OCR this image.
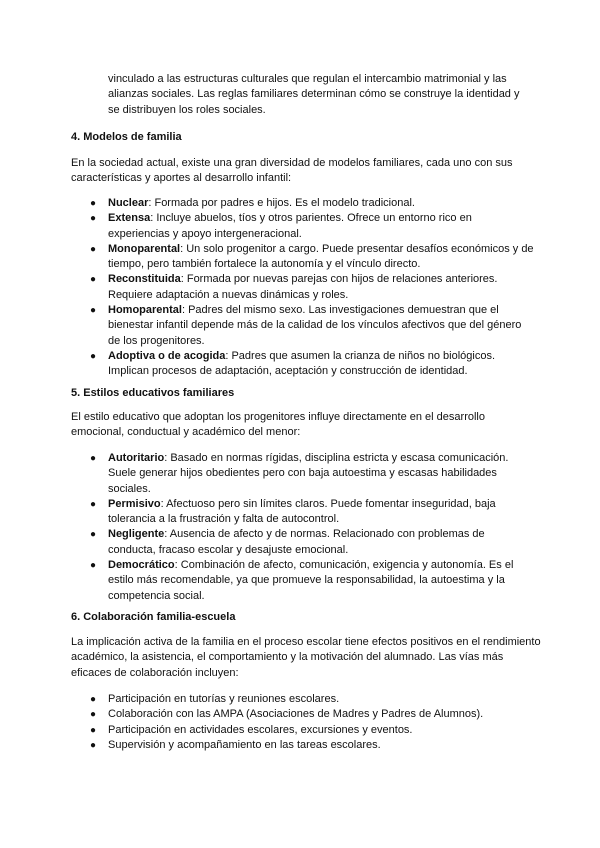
vinculado a las estructuras culturales que regulan el intercambio matrimonial y las alianzas sociales. Las reglas familiares determinan cómo se construye la identidad y se distribuyen los roles sociales.

4. Modelos de familia

En la sociedad actual, existe una gran diversidad de modelos familiares, cada uno con sus características y aportes al desarrollo infantil:

●	Nuclear: Formada por padres e hijos. Es el modelo tradicional.
●	Extensa: Incluye abuelos, tíos y otros parientes. Ofrece un entorno rico en experiencias y apoyo intergeneracional.
●	Monoparental: Un solo progenitor a cargo. Puede presentar desafíos económicos y de tiempo, pero también fortalece la autonomía y el vínculo directo.
●	Reconstituida: Formada por nuevas parejas con hijos de relaciones anteriores. Requiere adaptación a nuevas dinámicas y roles.
●	Homoparental: Padres del mismo sexo. Las investigaciones demuestran que el bienestar infantil depende más de la calidad de los vínculos afectivos que del género de los progenitores.
●	Adoptiva o de acogida: Padres que asumen la crianza de niños no biológicos. Implican procesos de adaptación, aceptación y construcción de identidad.
5. Estilos educativos familiares

El estilo educativo que adoptan los progenitores influye directamente en el desarrollo emocional, conductual y académico del menor:

●	Autoritario: Basado en normas rígidas, disciplina estricta y escasa comunicación. Suele generar hijos obedientes pero con baja autoestima y escasas habilidades sociales.
●	Permisivo: Afectuoso pero sin límites claros. Puede fomentar inseguridad, baja tolerancia a la frustración y falta de autocontrol.
●	Negligente: Ausencia de afecto y de normas. Relacionado con problemas de conducta, fracaso escolar y desajuste emocional.
●	Democrático: Combinación de afecto, comunicación, exigencia y autonomía. Es el estilo más recomendable, ya que promueve la responsabilidad, la autoestima y la competencia social.
6. Colaboración familia-escuela

La implicación activa de la familia en el proceso escolar tiene efectos positivos en el rendimiento académico, la asistencia, el comportamiento y la motivación del alumnado. Las vías más eficaces de colaboración incluyen:

●	Participación en tutorías y reuniones escolares.
●	Colaboración con las AMPA (Asociaciones de Madres y Padres de Alumnos).
●	Participación en actividades escolares, excursiones y eventos.
●	Supervisión y acompañamiento en las tareas escolares.
